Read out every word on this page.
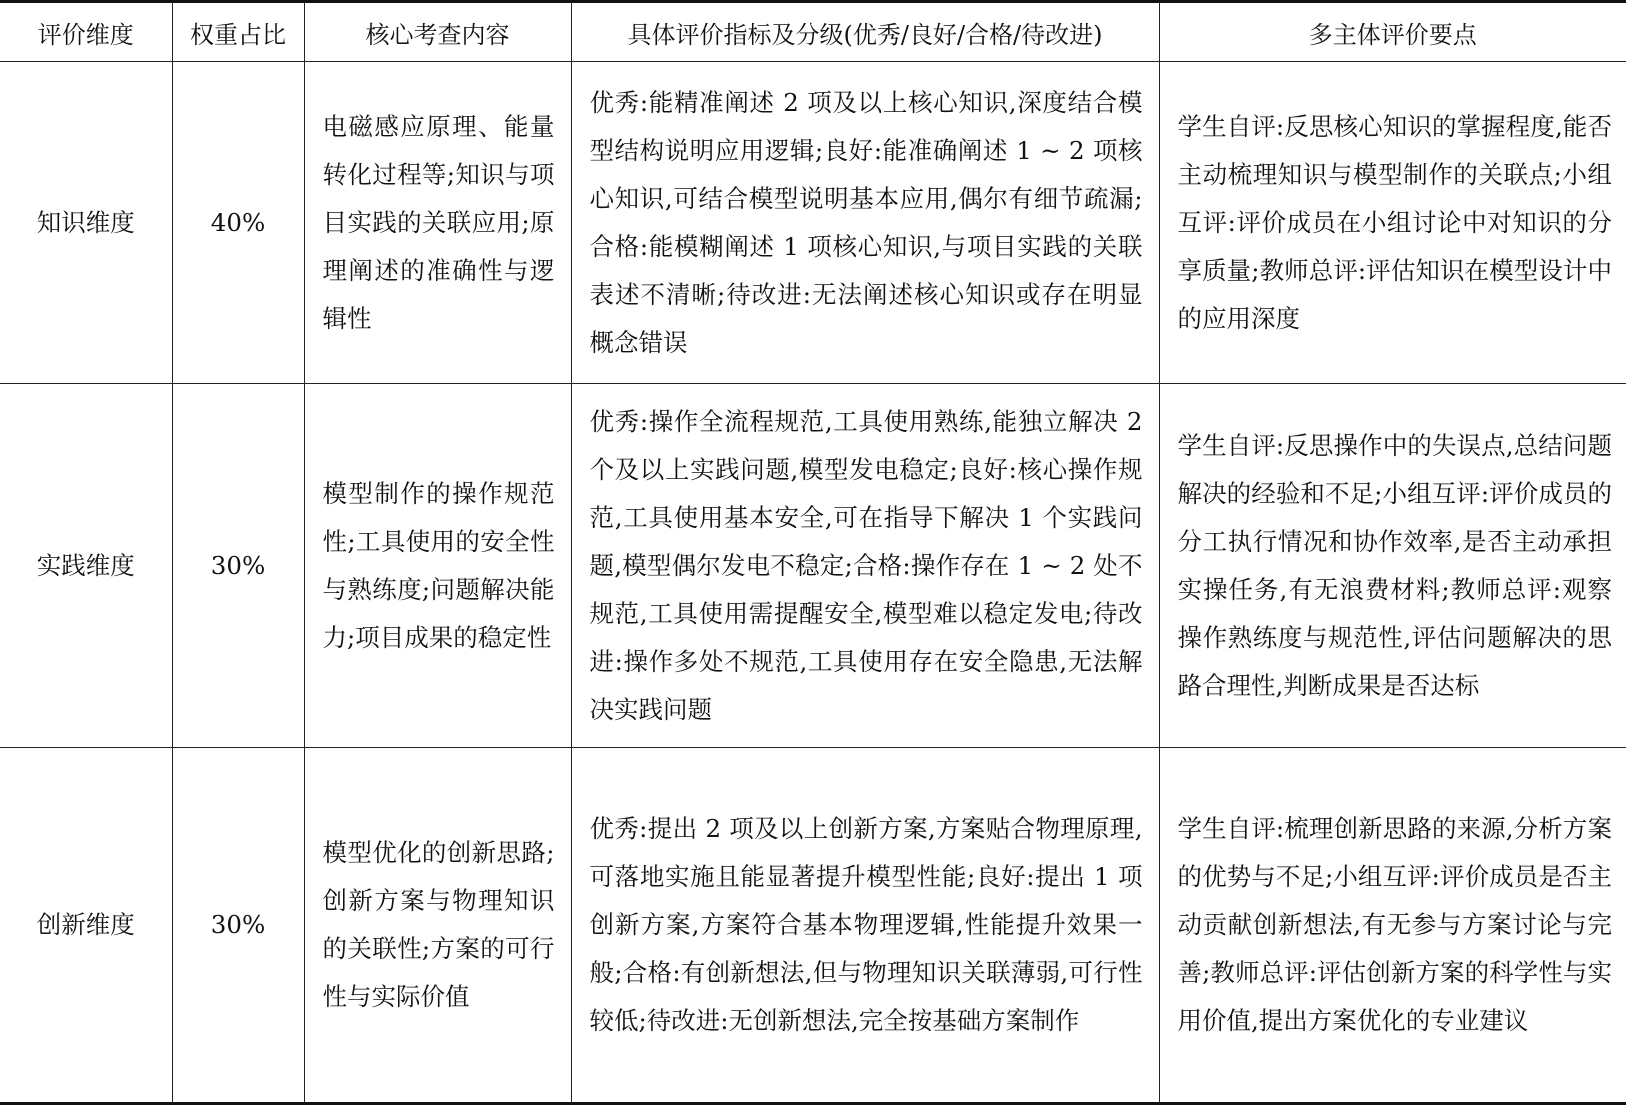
评价维度	权重占比	核心考查内容	具体评价指标及分级(优秀/良好/合格/待改进)	多主体评价要点
知识维度	40%	电磁感应原理、能量转化过程等;知识与项目实践的关联应用;原理阐述的准确性与逻辑性	优秀:能精准阐述 2 项及以上核心知识,深度结合模型结构说明应用逻辑;良好:能准确阐述 1 ~ 2 项核心知识,可结合模型说明基本应用,偶尔有细节疏漏;合格:能模糊阐述 1 项核心知识,与项目实践的关联表述不清晰;待改进:无法阐述核心知识或存在明显概念错误	学生自评:反思核心知识的掌握程度,能否主动梳理知识与模型制作的关联点;小组互评:评价成员在小组讨论中对知识的分享质量;教师总评:评估知识在模型设计中的应用深度
实践维度	30%	模型制作的操作规范性;工具使用的安全性与熟练度;问题解决能力;项目成果的稳定性	优秀:操作全流程规范,工具使用熟练,能独立解决 2 个及以上实践问题,模型发电稳定;良好:核心操作规范,工具使用基本安全,可在指导下解决 1 个实践问题,模型偶尔发电不稳定;合格:操作存在 1 ~ 2 处不规范,工具使用需提醒安全,模型难以稳定发电;待改进:操作多处不规范,工具使用存在安全隐患,无法解决实践问题	学生自评:反思操作中的失误点,总结问题解决的经验和不足;小组互评:评价成员的分工执行情况和协作效率,是否主动承担实操任务,有无浪费材料;教师总评:观察操作熟练度与规范性,评估问题解决的思路合理性,判断成果是否达标
创新维度	30%	模型优化的创新思路;创新方案与物理知识的关联性;方案的可行性与实际价值	优秀:提出 2 项及以上创新方案,方案贴合物理原理,可落地实施且能显著提升模型性能;良好:提出 1 项创新方案,方案符合基本物理逻辑,性能提升效果一般;合格:有创新想法,但与物理知识关联薄弱,可行性较低;待改进:无创新想法,完全按基础方案制作	学生自评:梳理创新思路的来源,分析方案的优势与不足;小组互评:评价成员是否主动贡献创新想法,有无参与方案讨论与完善;教师总评:评估创新方案的科学性与实用价值,提出方案优化的专业建议
